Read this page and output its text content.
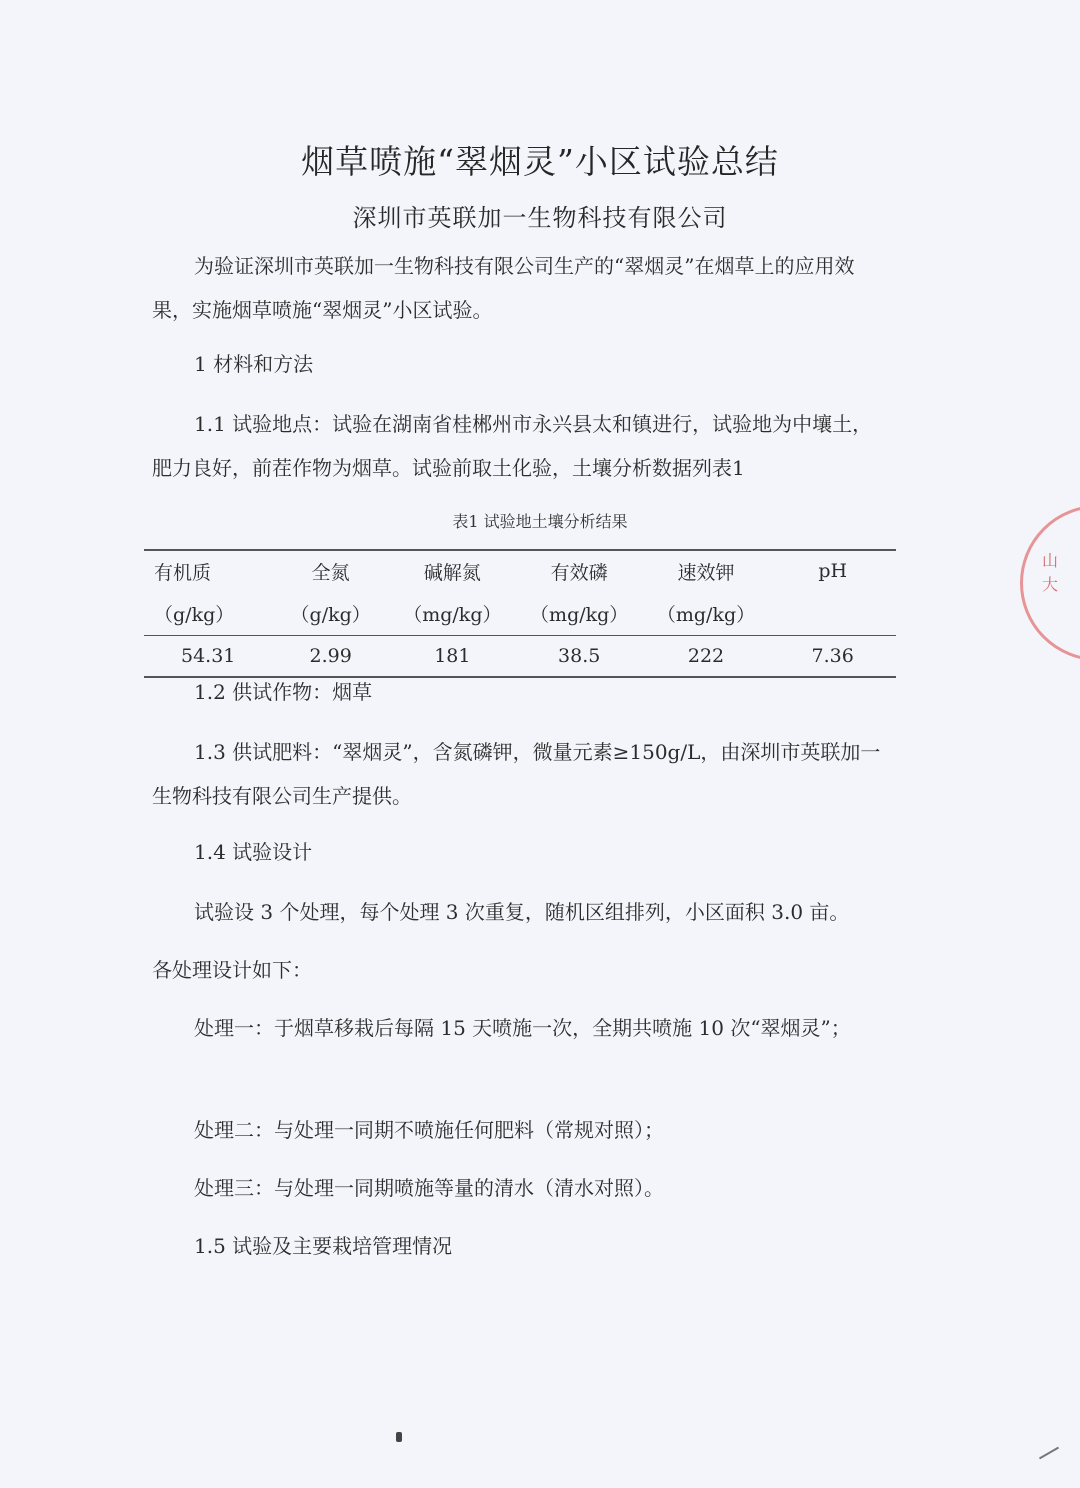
烟草喷施“翠烟灵”小区试验总结
深圳市英联加一生物科技有限公司

为验证深圳市英联加一生物科技有限公司生产的“翠烟灵”在烟草上的应用效果，实施烟草喷施“翠烟灵”小区试验。

1 材料和方法

1.1 试验地点：试验在湖南省桂郴州市永兴县太和镇进行，试验地为中壤土，肥力良好，前茬作物为烟草。试验前取土化验，土壤分析数据列表1

表1 试验地土壤分析结果

有机质	全氮	碱解氮	有效磷	速效钾	pH
（g/kg）	（g/kg）	（mg/kg）	（mg/kg）	（mg/kg）	
54.31	2.99	181	38.5	222	7.36

1.2 供试作物：烟草

1.3 供试肥料：“翠烟灵”，含氮磷钾，微量元素≥150g/L，由深圳市英联加一生物科技有限公司生产提供。

1.4 试验设计

试验设 3 个处理，每个处理 3 次重复，随机区组排列，小区面积 3.0 亩。

各处理设计如下：

处理一：于烟草移栽后每隔 15 天喷施一次，全期共喷施 10 次“翠烟灵”；

处理二：与处理一同期不喷施任何肥料（常规对照）；

处理三：与处理一同期喷施等量的清水（清水对照）。

1.5 试验及主要栽培管理情况

山
大
